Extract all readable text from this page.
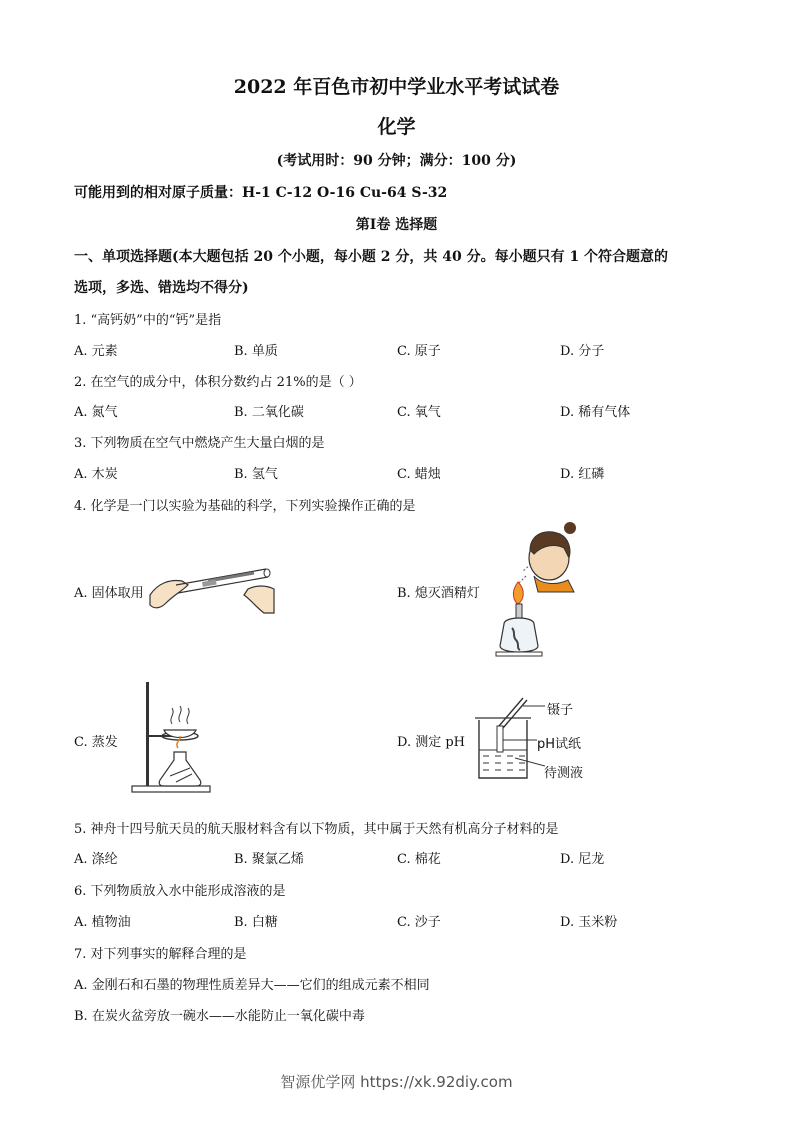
2022 年百色市初中学业水平考试试卷
化学
(考试用时：90 分钟；满分：100 分)
可能用到的相对原子质量：H-1 C-12 O-16 Cu-64 S-32
第Ⅰ卷 选择题
一、单项选择题(本大题包括 20 个小题，每小题 2 分，共 40 分。每小题只有 1 个符合题意的
选项，多选、错选均不得分)
1. “高钙奶”中的“钙”是指
A. 元素	B. 单质	C. 原子	D. 分子
2. 在空气的成分中，体积分数约占 21%的是（ ）
A. 氮气	B. 二氧化碳	C. 氧气	D. 稀有气体
3. 下列物质在空气中燃烧产生大量白烟的是
A. 木炭	B. 氢气	C. 蜡烛	D. 红磷
4. 化学是一门以实验为基础的科学，下列实验操作正确的是
A. 固体取用	B. 熄灭酒精灯
C. 蒸发	D. 测定 pH
镊子
pH试纸
待测液
5. 神舟十四号航天员的航天服材料含有以下物质，其中属于天然有机高分子材料的是
A. 涤纶	B. 聚氯乙烯	C. 棉花	D. 尼龙
6. 下列物质放入水中能形成溶液的是
A. 植物油	B. 白糖	C. 沙子	D. 玉米粉
7. 对下列事实的解释合理的是
A. 金刚石和石墨的物理性质差异大——它们的组成元素不相同
B. 在炭火盆旁放一碗水——水能防止一氧化碳中毒
智源优学网 https://xk.92diy.com
